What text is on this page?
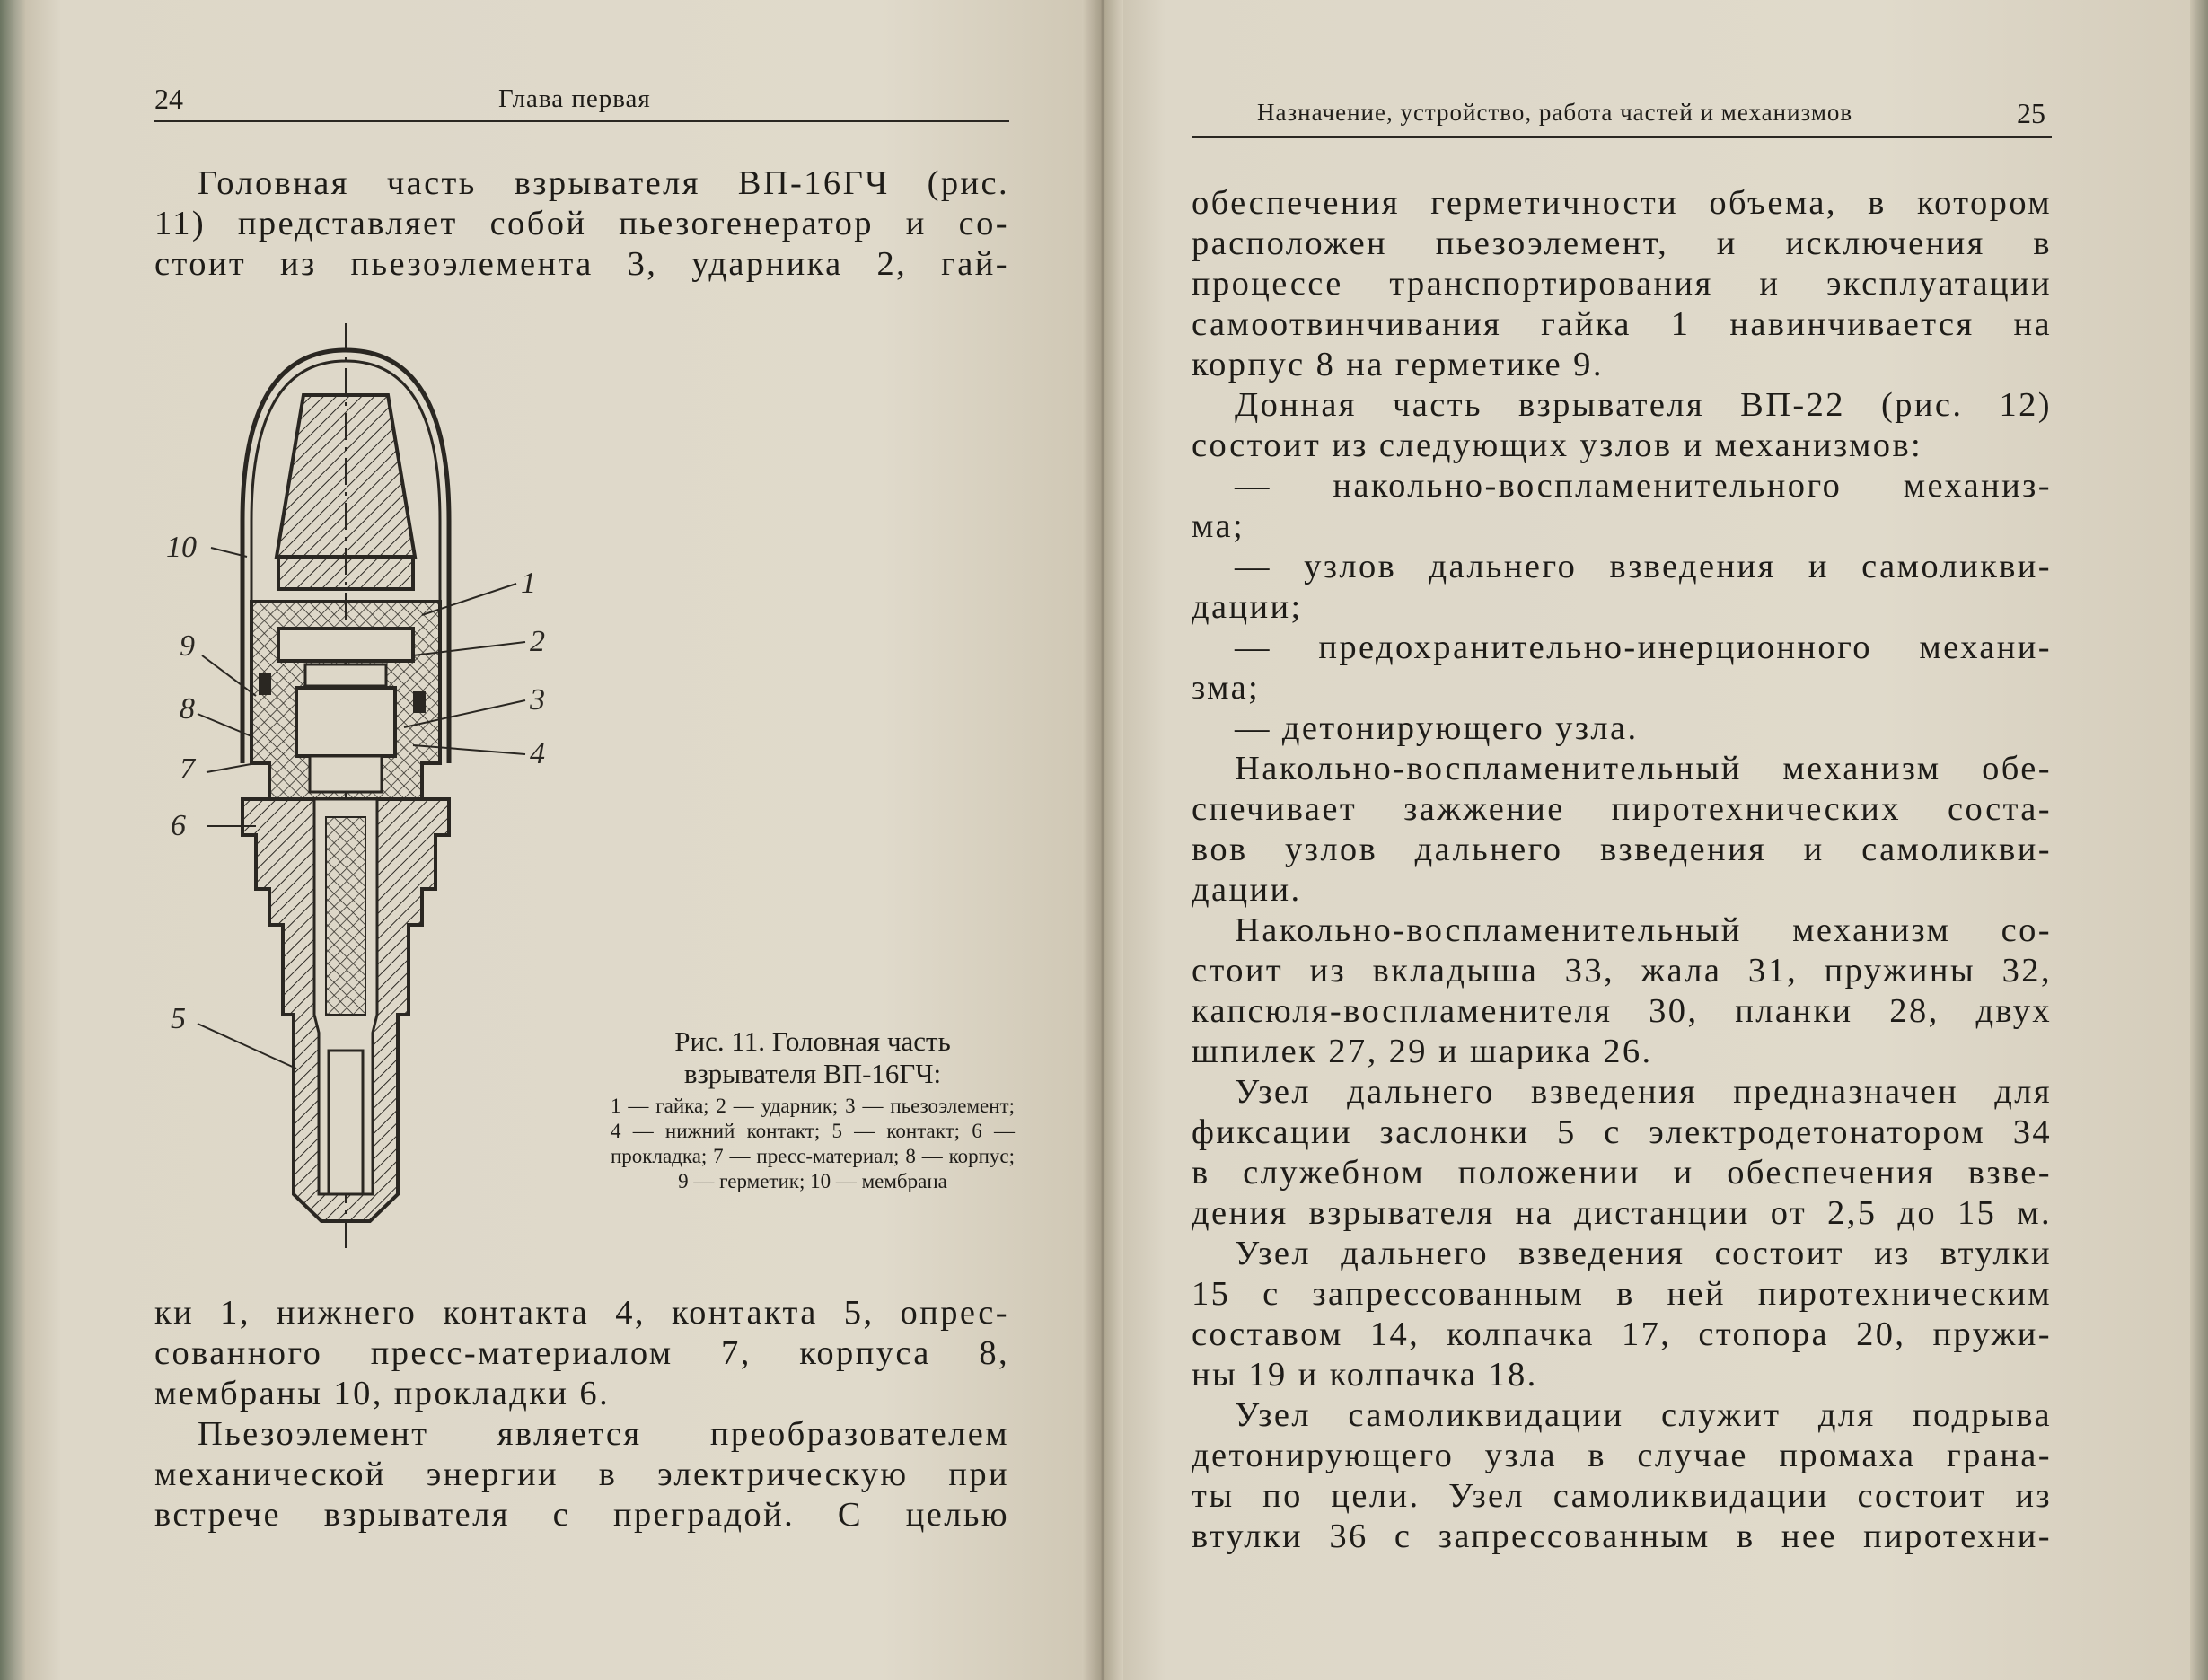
24	Глава первая
Головная часть взрывателя ВП-16ГЧ (рис.
11) представляет собой пьезогенератор и со-
стоит из пьезоэлемента 3, ударника 2, гай-
10
9
8
7
6
5
1
2
3
4
Рис. 11. Головная часть взрывателя ВП-16ГЧ:
1 — гайка; 2 — ударник; 3 — пьезоэлемент; 4 — нижний контакт; 5 — контакт; 6 — прокладка; 7 — пресс-материал; 8 — корпус; 9 — герметик; 10 — мембрана
ки 1, нижнего контакта 4, контакта 5, опрес-
сованного пресс-материалом 7, корпуса 8,
мембраны 10, прокладки 6.
Пьезоэлемент является преобразователем
механической энергии в электрическую при
встрече взрывателя с преградой. С целью
Назначение, устройство, работа частей и механизмов	25
обеспечения герметичности объема, в котором
расположен пьезоэлемент, и исключения в
процессе транспортирования и эксплуатации
самоотвинчивания гайка 1 навинчивается на
корпус 8 на герметике 9.
Донная часть взрывателя ВП-22 (рис. 12)
состоит из следующих узлов и механизмов:
— накольно-воспламенительного механиз-
ма;
— узлов дальнего взведения и самоликви-
дации;
— предохранительно-инерционного механи-
зма;
— детонирующего узла.
Накольно-воспламенительный механизм обе-
спечивает зажжение пиротехнических соста-
вов узлов дальнего взведения и самоликви-
дации.
Накольно-воспламенительный механизм со-
стоит из вкладыша 33, жала 31, пружины 32,
капсюля-воспламенителя 30, планки 28, двух
шпилек 27, 29 и шарика 26.
Узел дальнего взведения предназначен для
фиксации заслонки 5 с электродетонатором 34
в служебном положении и обеспечения взве-
дения взрывателя на дистанции от 2,5 до 15 м.
Узел дальнего взведения состоит из втулки
15 с запрессованным в ней пиротехническим
составом 14, колпачка 17, стопора 20, пружи-
ны 19 и колпачка 18.
Узел самоликвидации служит для подрыва
детонирующего узла в случае промаха грана-
ты по цели. Узел самоликвидации состоит из
втулки 36 с запрессованным в нее пиротехни-
